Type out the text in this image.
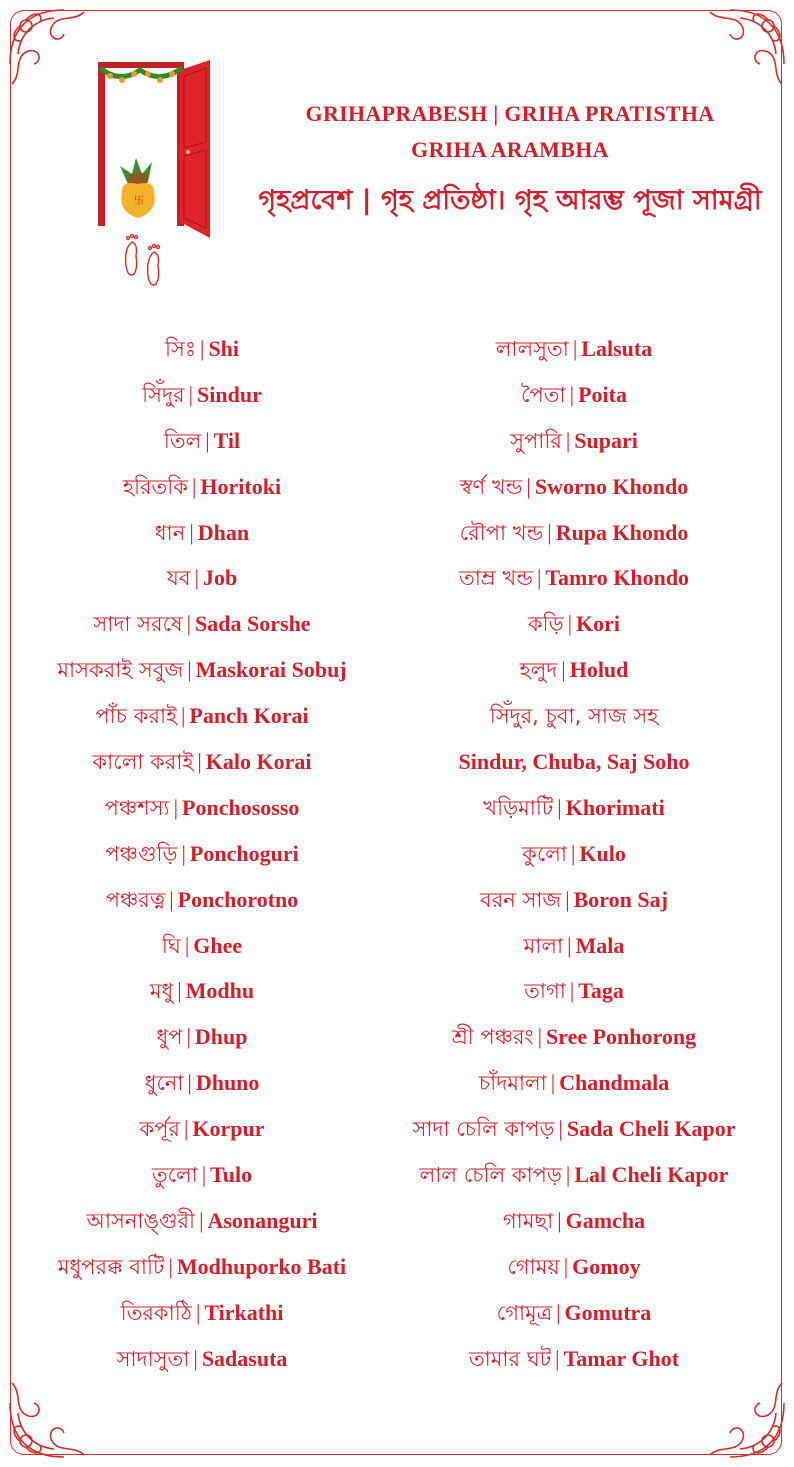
卐
GRIHAPRABESH | GRIHA PRATISTHA
GRIHA ARAMBHA
গৃহপ্রবেশ | গৃহ প্রতিষ্ঠা। গৃহ আরম্ভ পূজা সামগ্রী
সিঃ | Shi
সিঁদুর | Sindur
তিল | Til
হরিতকি | Horitoki
ধান | Dhan
যব | Job
সাদা সরষে | Sada Sorshe
মাসকরাই সবুজ | Maskorai Sobuj
পাঁচ করাই | Panch Korai
কালো করাই | Kalo Korai
পঞ্চশস্য | Ponchososso
পঞ্চগুড়ি | Ponchoguri
পঞ্চরত্ন | Ponchorotno
ঘি | Ghee
মধু | Modhu
ধুপ | Dhup
ধুনো | Dhuno
কর্পূর | Korpur
তুলো | Tulo
আসনাঙ্গুরী | Asonanguri
মধুপরক্ক বাটি | Modhuporko Bati
তিরকাঠি | Tirkathi
সাদাসুতা | Sadasuta
লালসুতা | Lalsuta
পৈতা | Poita
সুপারি | Supari
স্বর্ণ খন্ড | Sworno Khondo
রৌপা খন্ড | Rupa Khondo
তাম্র খন্ড | Tamro Khondo
কড়ি | Kori
হলুদ | Holud
সিঁদুর, চুবা, সাজ সহ
Sindur, Chuba, Saj Soho
খড়িমাটি | Khorimati
কুলো | Kulo
বরন সাজ | Boron Saj
মালা | Mala
তাগা | Taga
শ্রী পঞ্চরং | Sree Ponhorong
চাঁদমালা | Chandmala
সাদা চেলি কাপড় | Sada Cheli Kapor
লাল চেলি কাপড় | Lal Cheli Kapor
গামছা | Gamcha
গোময় | Gomoy
গোমূত্র | Gomutra
তামার ঘট | Tamar Ghot
